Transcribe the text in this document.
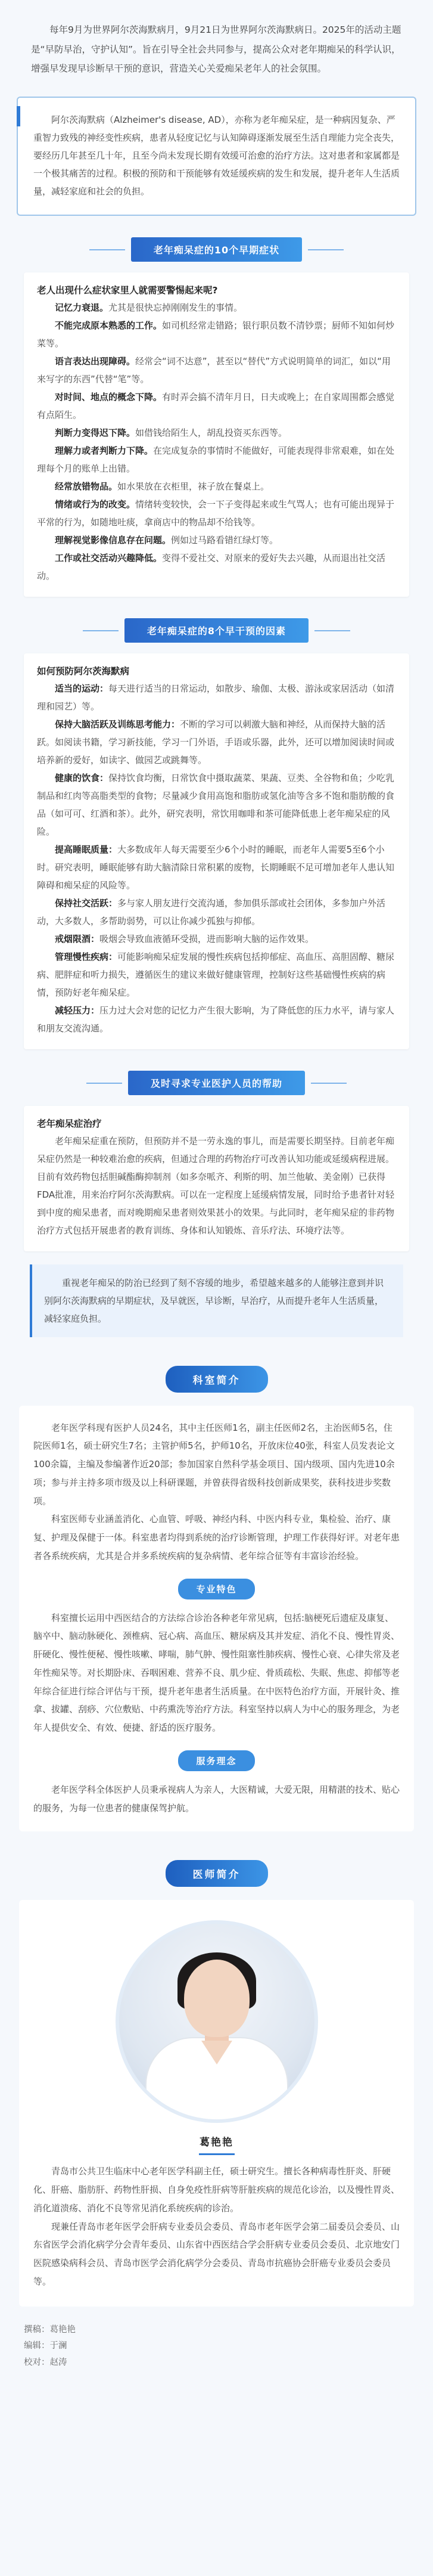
每年9月为世界阿尔茨海默病月，9月21日为世界阿尔茨海默病日。2025年的活动主题是“早防早治，守护认知”。旨在引导全社会共同参与，提高公众对老年期痴呆的科学认识，增强早发现早诊断早干预的意识，营造关心关爱痴呆老年人的社会氛围。

阿尔茨海默病（Alzheimer's disease, AD），亦称为老年痴呆症，是一种病因复杂、严重智力致残的神经变性疾病，患者从轻度记忆与认知障碍逐渐发展至生活自理能力完全丧失，要经历几年甚至几十年，且至今尚未发现长期有效缓可治愈的治疗方法。这对患者和家属都是一个极其痛苦的过程。积极的预防和干预能够有效延缓疾病的发生和发展，提升老年人生活质量，减轻家庭和社会的负担。

老年痴呆症的10个早期症状
老人出现什么症状家里人就需要警惕起来呢?
记忆力衰退。尤其是很快忘掉刚刚发生的事情。
不能完成原本熟悉的工作。如司机经常走错路；银行职员数不清钞票；厨师不知如何炒菜等。
语言表达出现障碍。经常会“词不达意”，甚至以“替代”方式说明简单的词汇，如以“用来写字的东西”代替“笔”等。
对时间、地点的概念下降。有时弄会搞不清年月日，日夫或晚上；在自家周围都会感觉有点陌生。
判断力变得迟下降。如借钱给陌生人，胡乱投资买东西等。
理解力或者判断力下降。在完成复杂的事情时不能做好，可能表现得非常艰难，如在处理每个月的账单上出错。
经常放错物品。如水果放在衣柜里，袜子放在餐桌上。
情绪或行为的改变。情绪转变较快，会一下子变得起来或生气骂人；也有可能出现异于平常的行为，如随地吐痰，拿商店中的物品却不给钱等。
理解视觉影像信息存在问题。例如过马路看错红绿灯等。
工作或社交活动兴趣降低。变得不爱社交、对原来的爱好失去兴趣，从而退出社交活动。
老年痴呆症的8个早干预的因素
如何预防阿尔茨海默病
适当的运动：每天进行适当的日常运动，如散步、瑜伽、太极、游泳或家居活动（如清理和园艺）等。
保持大脑活跃及训练思考能力：不断的学习可以刺激大脑和神经，从而保持大脑的活跃。如阅读书籍，学习新技能，学习一门外语，手语或乐器，此外，还可以增加阅读时间或培养新的爱好，如读字、做园艺或跳舞等。
健康的饮食：保持饮食均衡，日常饮食中摄取蔬菜、果蔬、豆类、全谷物和鱼；少吃乳制品和红肉等高脂类型的食物；尽量减少食用高饱和脂肪或氢化油等含多不饱和脂肪酸的食品（如可可、红酒和茶）。此外，研究表明，常饮用咖啡和茶可能降低患上老年痴呆症的风险。
提高睡眠质量：大多数成年人每天需要至少6个小时的睡眠，而老年人需要5至6个小时。研究表明，睡眠能够有助大脑清除日常积累的废物，长期睡眠不足可增加老年人患认知障碍和痴呆症的风险等。
保持社交活跃：多与家人朋友进行交流沟通，参加俱乐部或社会团体，多参加户外活动，大多数人，多帮助弱势，可以让你减少孤独与抑郁。
戒烟限酒：吸烟会导致血液循环受损，进而影响大脑的运作效果。
管理慢性疾病：可能影响痴呆症发展的慢性疾病包括抑郁症、高血压、高胆固醇、糖尿病、肥胖症和听力损失，遵循医生的建议来做好健康管理，控制好这些基础慢性疾病的病情，预防好老年痴呆症。
减轻压力：压力过大会对您的记忆力产生很大影响，为了降低您的压力水平，请与家人和朋友交流沟通。
及时寻求专业医护人员的帮助
老年痴呆症治疗
老年痴呆症重在预防，但预防并不是一劳永逸的事儿，而是需要长期坚持。目前老年痴呆症仍然是一种较难治愈的疾病，但通过合理的药物治疗可改善认知功能或延缓病程进展。目前有效药物包括胆碱酯酶抑制剂（如多奈哌齐、利斯的明、加兰他敏、美金刚）已获得FDA批准，用来治疗阿尔茨海默病。可以在一定程度上延缓病情发展，同时给予患者针对轻到中度的痴呆患者，而对晚期痴呆患者则效果甚小的效果。与此同时，老年痴呆症的非药物治疗方式包括开展患者的教育训练、身体和认知锻炼、音乐疗法、环境疗法等。

重视老年痴呆的防治已经到了刻不容缓的地步，希望越来越多的人能够注意到并识别阿尔茨海默病的早期症状，及早就医，早诊断，早治疗，从而提升老年人生活质量，减轻家庭负担。

科室简介

老年医学科现有医护人员24名，其中主任医师1名，副主任医师2名，主治医师5名，住院医师1名，硕士研究生7名；主管护师5名，护师10名，开放床位40张，科室人员发表论文100余篇，主编及参编著作近20部；参加国家自然科学基金项目、国内级项、国内先进10余项；参与并主持多项市级及以上科研课题，并曾获得省级科技创新成果奖，获科技进步奖数项。

科室医师专业涵盖消化、心血管、呼吸、神经内科、中医内科专业，集检验、治疗、康复、护理及保健于一体。科室患者均得到系统的治疗诊断管理，护理工作获得好评。对老年患者各系统疾病，尤其是合并多系统疾病的复杂病情、老年综合征等有丰富诊治经验。

专业特色

科室擅长运用中西医结合的方法综合诊治各种老年常见病，包括:脑梗死后遗症及康复、脑卒中、脑动脉硬化、颈椎病、冠心病、高血压、糖尿病及其并发症、消化不良、慢性胃炎、肝硬化、慢性便秘、慢性咳嗽、哮喘，肺气肿、慢性阻塞性肺疾病、慢性心衰、心律失常及老年性痴呆等。对长期卧床、吞咽困难、营养不良、肌少症、骨质疏松、失眠、焦虑、抑郁等老年综合征进行综合评估与干预，提升老年患者生活质量。在中医特色治疗方面，开展针灸、推拿、拔罐、刮痧、穴位敷贴、中药熏洗等治疗方法。科室坚持以病人为中心的服务理念，为老年人提供安全、有效、便捷、舒适的医疗服务。

服务理念

老年医学科全体医护人员秉承视病人为亲人，大医精诚，大爱无限，用精湛的技术、贴心的服务，为每一位患者的健康保驾护航。

医师简介
葛艳艳

青岛市公共卫生临床中心老年医学科副主任，硕士研究生。擅长各种病毒性肝炎、肝硬化、肝癌、脂肪肝、药物性肝损、自身免疫性肝病等肝脏疾病的规范化诊治，以及慢性胃炎、消化道溃疡、消化不良等常见消化系统疾病的诊治。

现兼任青岛市老年医学会肝病专业委员会委员、青岛市老年医学会第二届委员会委员、山东省医学会消化病学分会青年委员、山东省中西医结合学会肝病专业委员会委员、北京地安门医院感染病科会员、青岛市医学会消化病学分会委员、青岛市抗癌协会肝癌专业委员会委员等。

撰稿：葛艳艳
编辑：于澜
校对：赵涛
